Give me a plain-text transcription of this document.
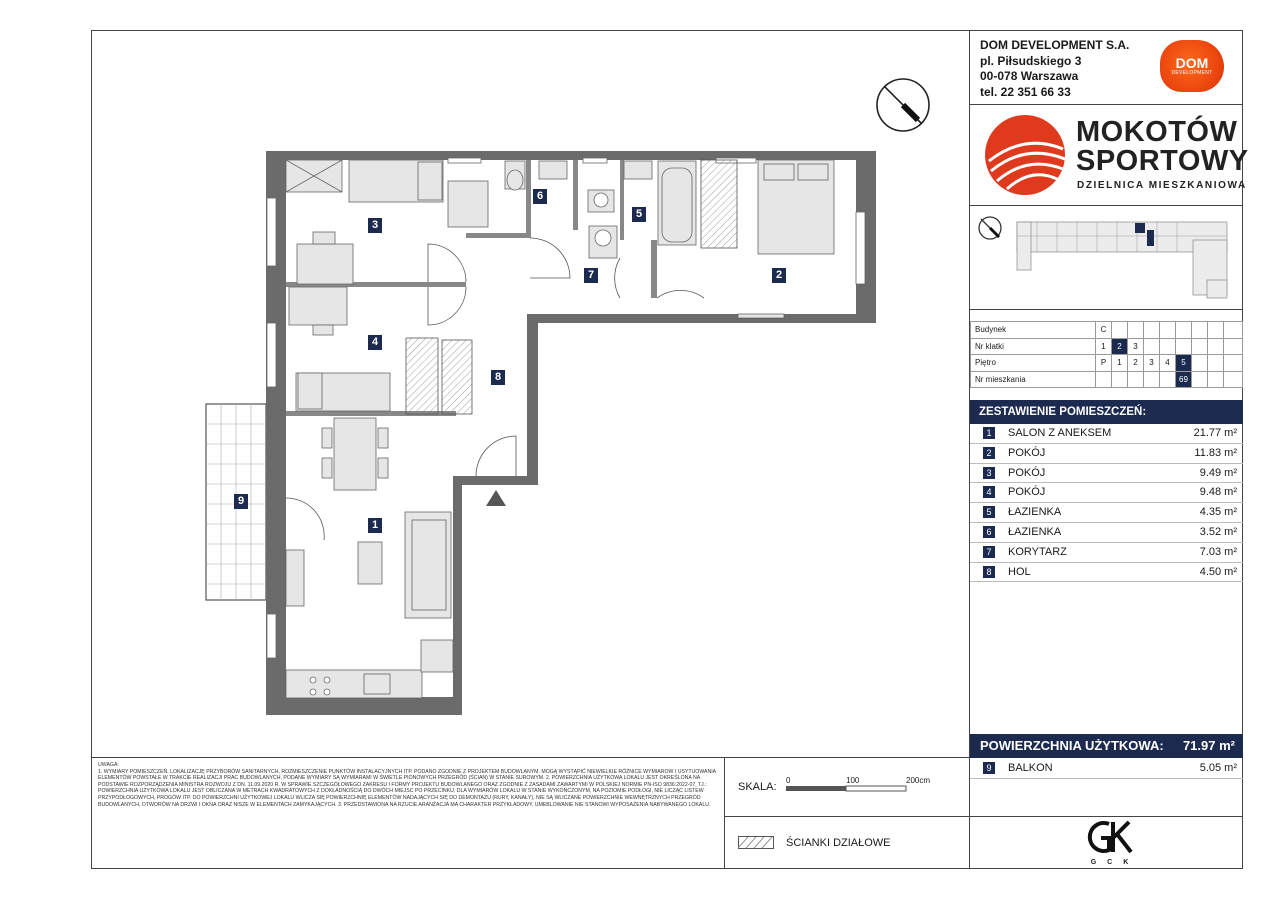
DOM DEVELOPMENT S.A.
pl. Piłsudskiego 3
00-078 Warszawa
tel. 22 351 66 33
DOM
DEVELOPMENT
MOKOTÓW
SPORTOWY
DZIELNICA MIESZKANIOWA
Budynek	C								
Nr klatki	1	2	3						
Piętro	P	1	2	3	4	5			
Nr mieszkania						69			
ZESTAWIENIE POMIESZCZEŃ:
1	SALON Z ANEKSEM	21.77 m²
2	POKÓJ	11.83 m²
3	POKÓJ	9.49 m²
4	POKÓJ	9.48 m²
5	ŁAZIENKA	4.35 m²
6	ŁAZIENKA	3.52 m²
7	KORYTARZ	7.03 m²
8	HOL	4.50 m²
POWIERZCHNIA UŻYTKOWA: 71.97 m²
9	BALKON	5.05 m²
GCK
UWAGA:
1. WYMIARY POMIESZCZEŃ, LOKALIZACJĘ PRZYBORÓW SANITARNYCH, ROZMIESZCZENIE PUNKTÓW INSTALACYJNYCH ITP. PODANO ZGODNIE Z PROJEKTEM BUDOWLANYM. MOGĄ WYSTĄPIĆ NIEWIELKIE RÓŻNICE WYMIAROW I USYTUOWANIA ELEMENTÓW POWSTAŁE W TRAKCIE REALIZACJI PRAC BUDOWLANYCH. PODANE WYMIARY SĄ WYMIARAMI W ŚWIETLE PIONOWYCH PRZEGRÓD (ŚCIAN) W STANIE SUROWYM. 2. POWIERZCHNIA UŻYTKOWA LOKALU JEST OKREŚLONA NA PODSTAWIE ROZPORZĄDZENIA MINISTRA ROZWOJU Z DN. 11.09.2020 R. W SPRAWIE SZCZEGÓŁOWEGO ZAKRESU I FORMY PROJEKTU BUDOWLANEGO ORAZ ZGODNIE Z ZASADAMI ZAWARTYMI W POLSKIEJ NORMIE PN-ISO 9836:2022-07, TJ.: POWIERZCHNIA UŻYTKOWA LOKALU JEST OBLICZANA W METRACH KWADRATOWYCH Z DOKŁADNOŚCIĄ DO DWÓCH MIEJSC PO PRZECINKU, DLA WYMIARÓW LOKALU W STANIE WYKOŃCZONYM, NA POZIOMIE PODŁOGI, NIE LICZĄC LISTEW PRZYPODŁOGOWYCH, PROGÓW ITP. DO POWIERZCHNI UŻYTKOWEJ LOKALU WLICZA SIĘ POWIERZCHNIĘ ELEMENTÓW NADAJĄCYCH SIĘ DO DEMONTAŻU (RURY, KANAŁY), NIE SĄ WLICZANE POWIERZCHNIE WEWNĘTRZNYCH PRZEGRÓD BUDOWLANYCH, OTWORÓW NA DRZWI I OKNA ORAZ NISZE W ELEMENTACH ZAMYKAJĄCYCH. 3. PRZEDSTAWIONA NA RZUCIE ARANŻACJA MA CHARAKTER PRZYKŁADOWY, UMEBLOWANIE NIE STANOWI WYPOSAŻENIA NABYWANEGO LOKALU.
SKALA:
0	100	200cm
ŚCIANKI DZIAŁOWE
3
4
6
5
7	2
8
1
9
